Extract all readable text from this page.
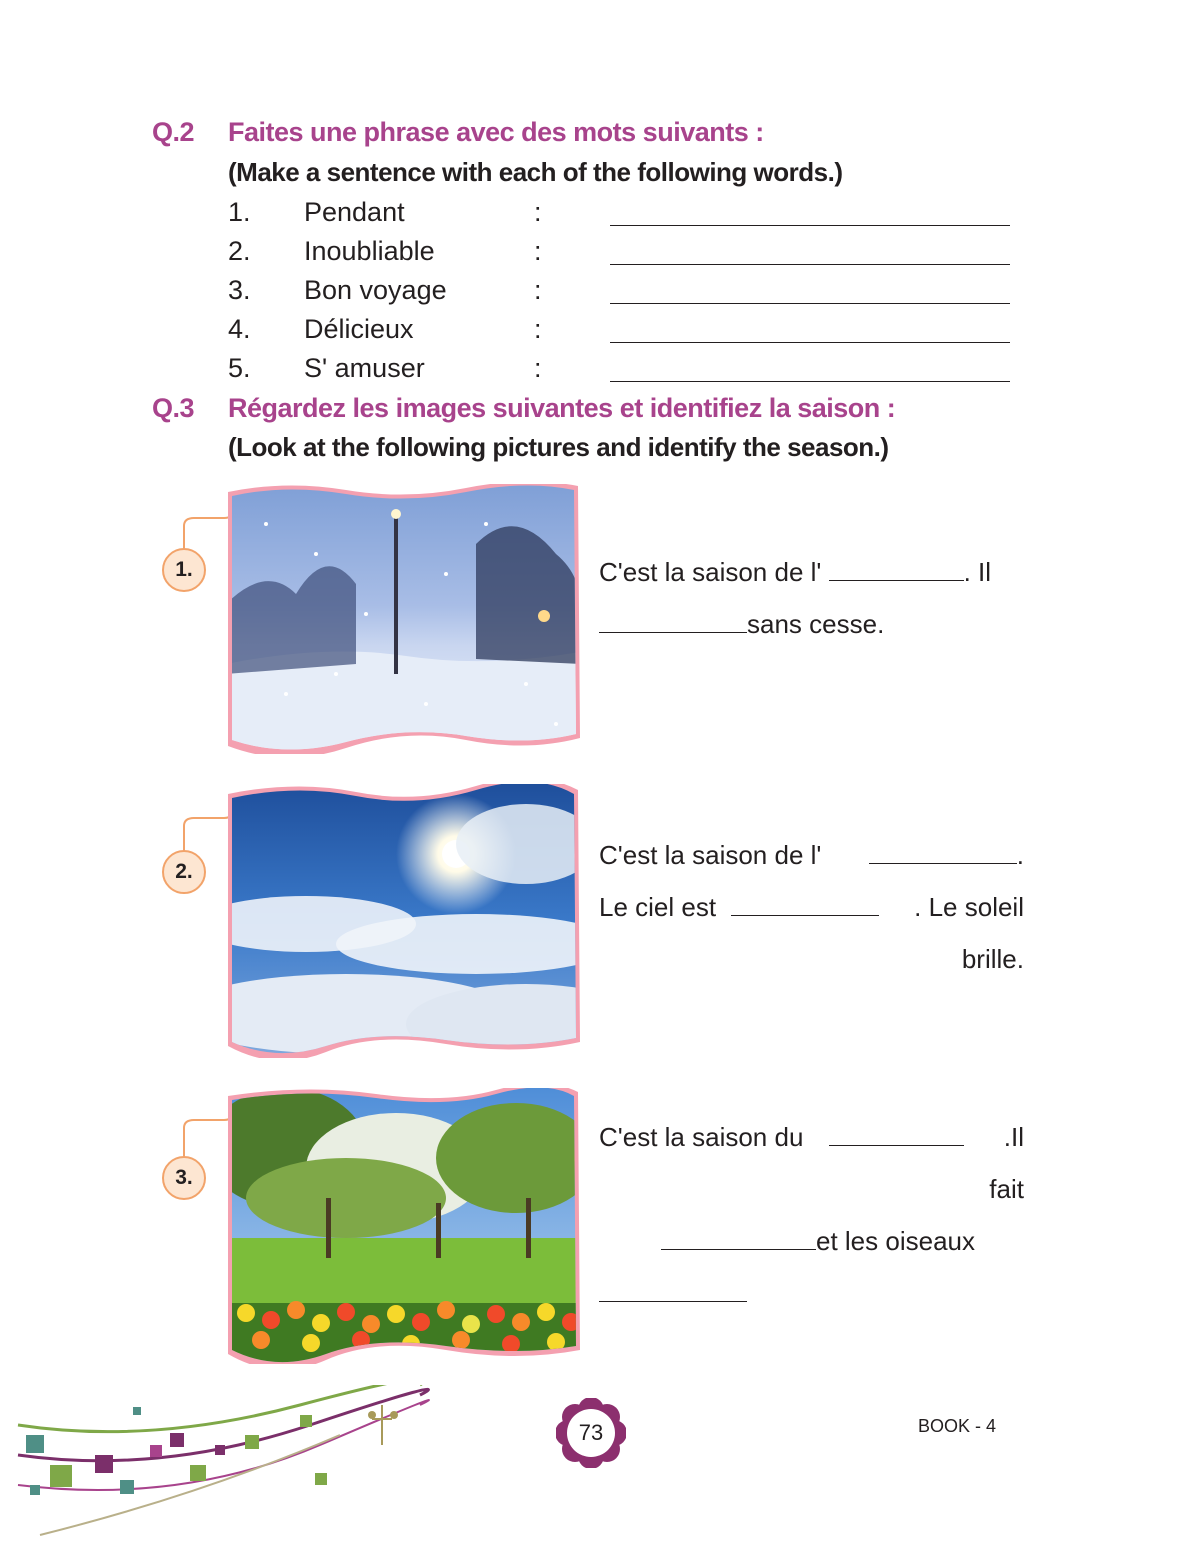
Q.2 Faites une phrase avec des mots suivants :
(Make a sentence with each of the following words.)
1. Pendant	:
2. Inoubliable	:
3. Bon voyage	:
4. Délicieux	:
5. S' amuser	:
Q.3 Régardez les images suivantes et identifiez la saison :
(Look at the following pictures and identify the season.)
1.	C'est la saison de l'	. Il
sans cesse.
2.
C'est la saison de l'	.
Le ciel est	. Le soleil brille.
3.
C'est la saison du	.Il fait
et les oiseaux
73	BOOK - 4
